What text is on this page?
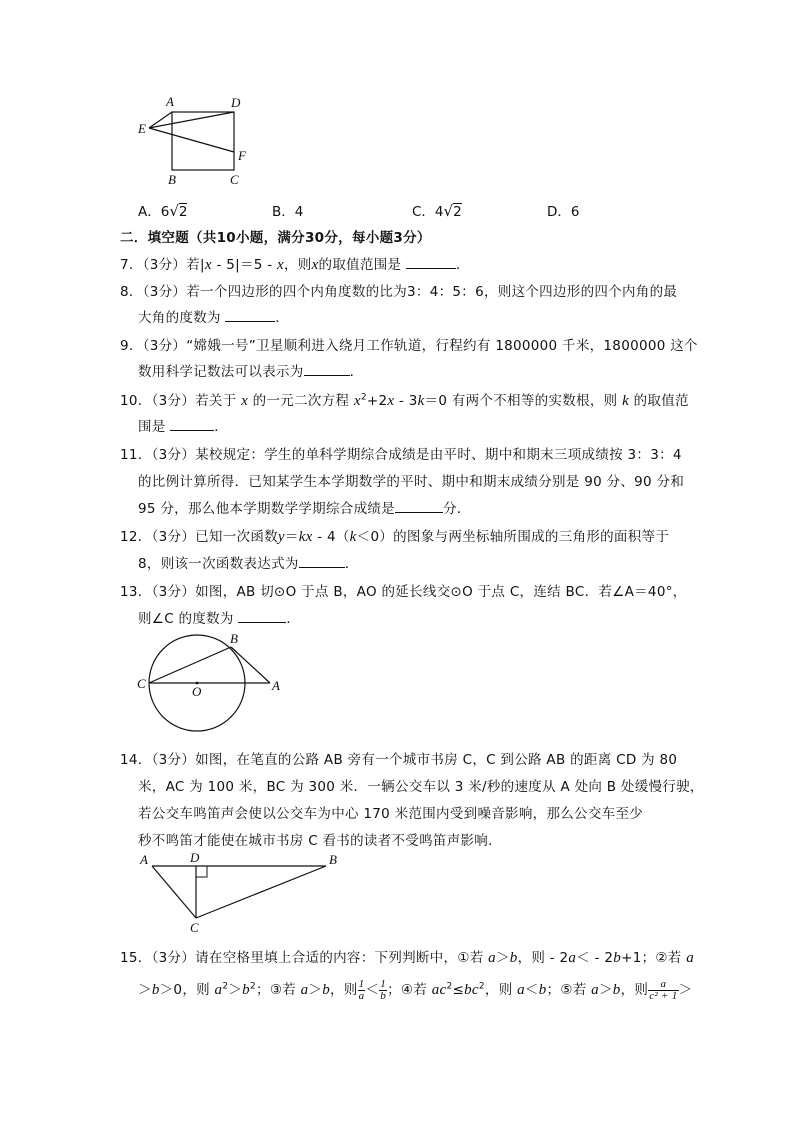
A	D
E
F
B	C
A．6√2	B．4	C．4√2	D．6
二．填空题（共10小题，满分30分，每小题3分）
7．（3分）若|x - 5|＝5 - x，则x的取值范围是	．
8．（3分）若一个四边形的四个内角度数的比为3：4：5：6，则这个四边形的四个内角的最
大角的度数为	．
9．（3分）“嫦娥一号”卫星顺利进入绕月工作轨道，行程约有 1800000 千米，1800000 这个
数用科学记数法可以表示为	．
10．（3分）若关于 x 的一元二次方程 $x^2+2x - 3k=0$ 有两个不相等的实数根，则 k 的取值范
围是	．
11．（3分）某校规定：学生的单科学期综合成绩是由平时、期中和期末三项成绩按 3：3：4
的比例计算所得．已知某学生本学期数学的平时、期中和期末成绩分别是 90 分、90 分和
95 分，那么他本学期数学学期综合成绩是	分．
12．（3分）已知一次函数y＝kx - 4（k＜0）的图象与两坐标轴所围成的三角形的面积等于
8，则该一次函数表达式为	．
13．（3分）如图，AB 切⊙O 于点 B，AO 的延长线交⊙O 于点 C，连结 BC．若∠A＝40°，
则∠C 的度数为	．
B
C
O	A
14．（3分）如图，在笔直的公路 AB 旁有一个城市书房 C，C 到公路 AB 的距离 CD 为 80
米，AC 为 100 米，BC 为 300 米．一辆公交车以 3 米/秒的速度从 A 处向 B 处缓慢行驶，
若公交车鸣笛声会使以公交车为中心 170 米范围内受到噪音影响，那么公交车至少
秒不鸣笛才能使在城市书房 C 看书的读者不受鸣笛声影响．
A	D	B
C
15．（3分）请在空格里填上合适的内容：下列判断中，①若 a＞b，则 - 2a＜ - 2b+1；②若 a
＞b＞0，则 $a^2>b^2$；③若 a＞b，则 $\frac{1}{a} < \frac{1}{b}$ ；④若 $ac^2\le bc^2$，则 a＜b；⑤若 a＞b，则 $\frac{a}{\text{c² + 1}}$ ＞
